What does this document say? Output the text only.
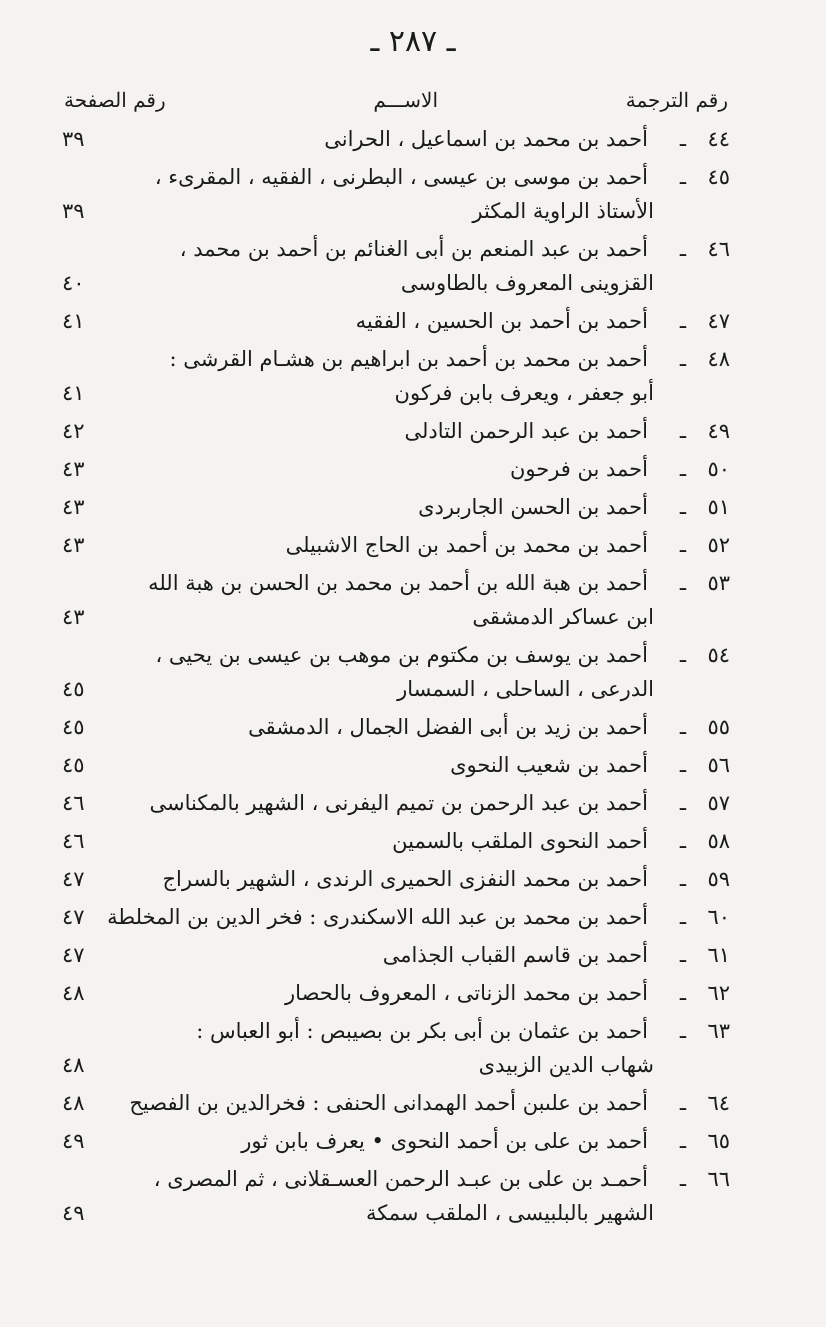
ـ ٢٨٧ ـ
رقم الترجمة
الاســـم
رقم الصفحة
٤٤
ـ
أحمد بن محمد بن اسماعيل ، الحرانى
٣٩
٤٥
ـ
أحمد بن موسى بن عيسى ، البطرنى ، الفقيه ، المقرىء ،
الأستاذ الراوية المكثر
٣٩
٤٦
ـ
أحمد بن عبد المنعم بن أبى الغنائم بن أحمد بن محمد ،
القزوينى المعروف بالطاوسى
٤٠
٤٧
ـ
أحمد بن أحمد بن الحسين ، الفقيه
٤١
٤٨
ـ
أحمد بن محمد بن أحمد بن ابراهيم بن هشـام القرشى :
أبو جعفر ، ويعرف بابن فركون
٤١
٤٩
ـ
أحمد بن عبد الرحمن التادلى
٤٢
٥٠
ـ
أحمد بن فرحون
٤٣
٥١
ـ
أحمد بن الحسن الجاربردى
٤٣
٥٢
ـ
أحمد بن محمد بن أحمد بن الحاج الاشبيلى
٤٣
٥٣
ـ
أحمد بن هبة الله بن أحمد بن محمد بن الحسن بن هبة الله
ابن عساكر الدمشقى
٤٣
٥٤
ـ
أحمد بن يوسف بن مكتوم بن موهب بن عيسى بن يحيى ،
الدرعى ، الساحلى ، السمسار
٤٥
٥٥
ـ
أحمد بن زيد بن أبى الفضل الجمال ، الدمشقى
٤٥
٥٦
ـ
أحمد بن شعيب النحوى
٤٥
٥٧
ـ
أحمد بن عبد الرحمن بن تميم اليفرنى ، الشهير بالمكناسى
٤٦
٥٨
ـ
أحمد النحوى الملقب بالسمين
٤٦
٥٩
ـ
أحمد بن محمد النفزى الحميرى الرندى ، الشهير بالسراج
٤٧
٦٠
ـ
أحمد بن محمد بن عبد الله الاسكندرى : فخر الدين بن المخلطة
٤٧
٦١
ـ
أحمد بن قاسم القباب الجذامى
٤٧
٦٢
ـ
أحمد بن محمد الزناتى ، المعروف بالحصار
٤٨
٦٣
ـ
أحمد بن عثمان بن أبى بكر بن بصيبص : أبو العباس :
شهاب الدين الزبيدى
٤٨
٦٤
ـ
أحمد بن علىبن أحمد الهمدانى الحنفى : فخرالدين بن الفصيح
٤٨
٦٥
ـ
أحمد بن على بن أحمد النحوى • يعرف بابن ثور
٤٩
٦٦
ـ
أحمـد بن على بن عبـد الرحمن العسـقلانى ، ثم المصرى ،
الشهير بالبلبيسى ، الملقب سمكة
٤٩
